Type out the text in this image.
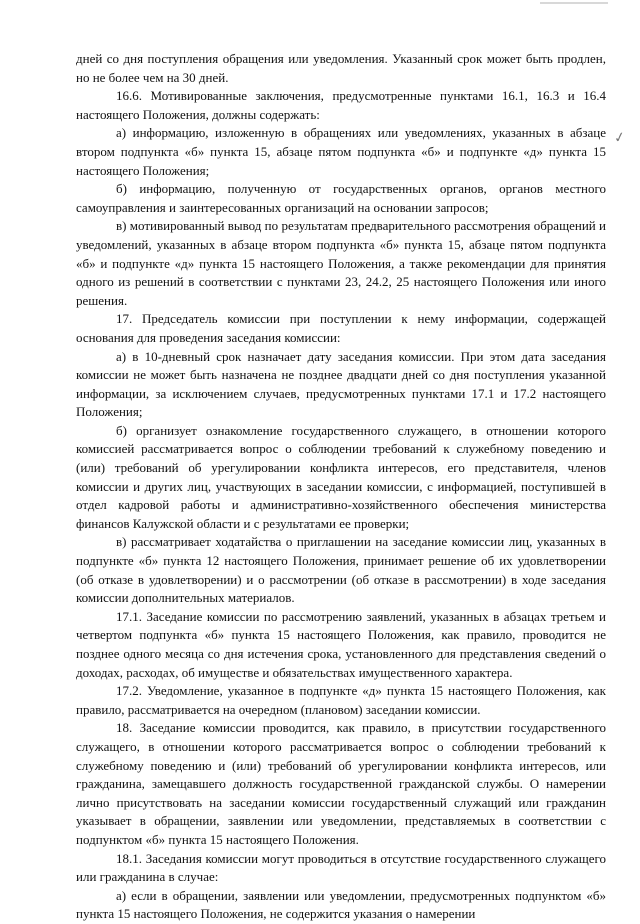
✓

дней со дня поступления обращения или уведомления. Указанный срок может быть продлен, но не более чем на 30 дней.

16.6. Мотивированные заключения, предусмотренные пунктами 16.1, 16.3 и 16.4 настоящего Положения, должны содержать:

а) информацию, изложенную в обращениях или уведомлениях, указанных в абзаце втором подпункта «б» пункта 15, абзаце пятом подпункта «б» и подпункте «д» пункта 15 настоящего Положения;

б) информацию, полученную от государственных органов, органов местного самоуправления и заинтересованных организаций на основании запросов;

в) мотивированный вывод по результатам предварительного рассмотрения обращений и уведомлений, указанных в абзаце втором подпункта «б» пункта 15, абзаце пятом подпункта «б» и подпункте «д» пункта 15 настоящего Положения, а также рекомендации для принятия одного из решений в соответствии с пунктами 23, 24.2, 25 настоящего Положения или иного решения.

17. Председатель комиссии при поступлении к нему информации, содержащей основания для проведения заседания комиссии:

а) в 10-дневный срок назначает дату заседания комиссии. При этом дата заседания комиссии не может быть назначена не позднее двадцати дней со дня поступления указанной информации, за исключением случаев, предусмотренных пунктами 17.1 и 17.2 настоящего Положения;

б) организует ознакомление государственного служащего, в отношении которого комиссией рассматривается вопрос о соблюдении требований к служебному поведению и (или) требований об урегулировании конфликта интересов, его представителя, членов комиссии и других лиц, участвующих в заседании комиссии, с информацией, поступившей в отдел кадровой работы и административно-хозяйственного обеспечения министерства финансов Калужской области и с результатами ее проверки;

в) рассматривает ходатайства о приглашении на заседание комиссии лиц, указанных в подпункте «б» пункта 12 настоящего Положения, принимает решение об их удовлетворении (об отказе в удовлетворении) и о рассмотрении (об отказе в рассмотрении) в ходе заседания комиссии дополнительных материалов.

17.1. Заседание комиссии по рассмотрению заявлений, указанных в абзацах третьем и четвертом подпункта «б» пункта 15 настоящего Положения, как правило, проводится не позднее одного месяца со дня истечения срока, установленного для представления сведений о доходах, расходах, об имуществе и обязательствах имущественного характера.

17.2. Уведомление, указанное в подпункте «д» пункта 15 настоящего Положения, как правило, рассматривается на очередном (плановом) заседании комиссии.

18. Заседание комиссии проводится, как правило, в присутствии государственного служащего, в отношении которого рассматривается вопрос о соблюдении требований к служебному поведению и (или) требований об урегулировании конфликта интересов, или гражданина, замещавшего должность государственной гражданской службы. О намерении лично присутствовать на заседании комиссии государственный служащий или гражданин указывает в обращении, заявлении или уведомлении, представляемых в соответствии с подпунктом «б» пункта 15 настоящего Положения.

18.1. Заседания комиссии могут проводиться в отсутствие государственного служащего или гражданина в случае:

а) если в обращении, заявлении или уведомлении, предусмотренных подпунктом «б» пункта 15 настоящего Положения, не содержится указания о намерении
